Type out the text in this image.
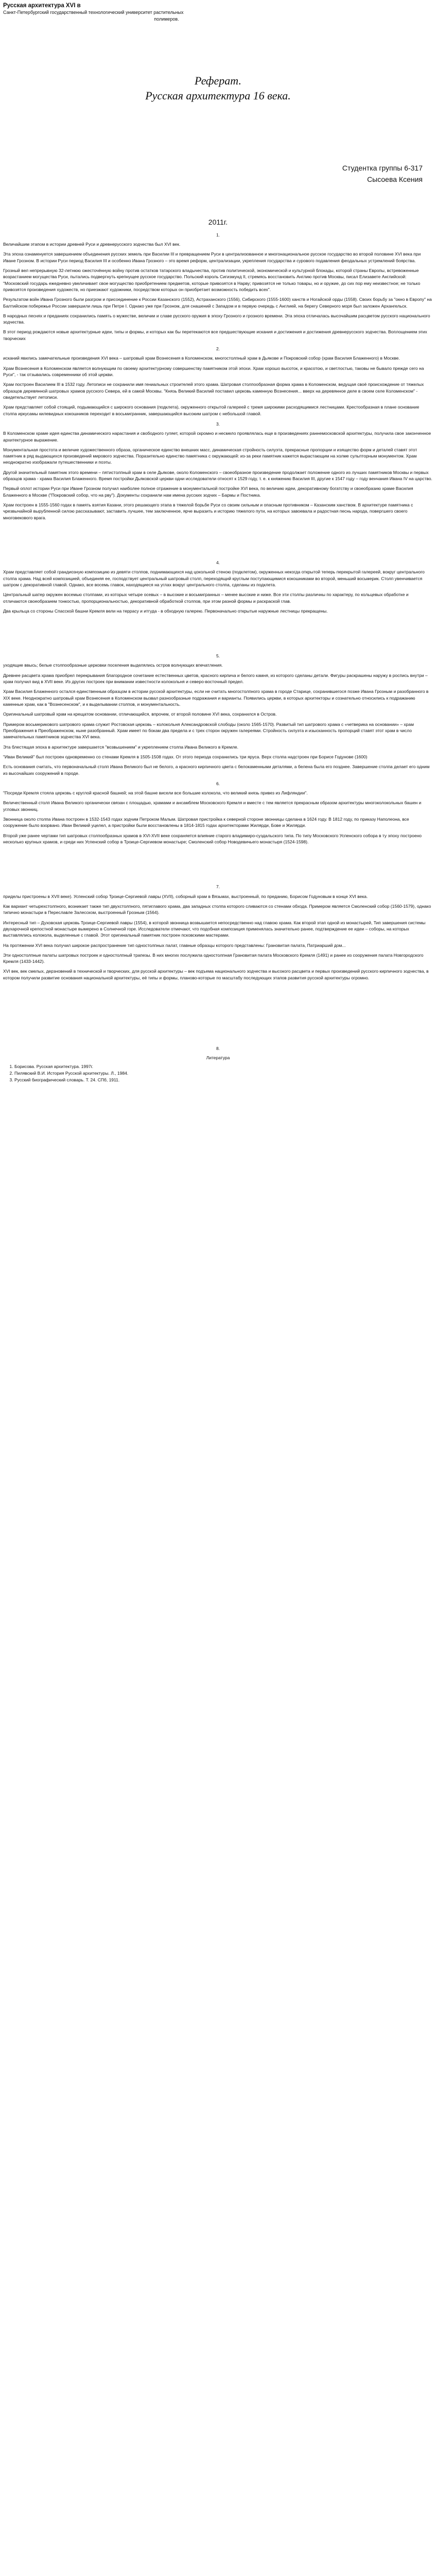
Русская архитектура XVI в
Санкт-Петербургский государственный технологический университет растительных
полимеров.
Реферат.
Русская архитектура 16 века.
Студентка группы 6-317
Сысоева Ксения
2011г.
1.

Величайшим этапом в истории древней Руси и древнерусского зодчества был XVI век.

Эта эпоха ознаменуется завершением объединения русских земель при Василии III и превращением Руси в централизованное и многонациональное русское государство во второй половине XVI века при Иване Грозном. В истории Руси период Василия III и особенно Ивана Грозного – это время реформ, централизации, укрепления государства и сурового подавления феодальных устремлений боярства.

Грозный вел непрерывную 32-летнюю ожесточённую войну против остатков татарского владычества, против политической, экономической и культурной блокады, которой страны Европы, встревоженные возрастанием могущества Руси, пытались подвергнуть крепнущее русское государство. Польский король Сигизмунд II, стремясь восстановить Англию против Москвы, писал Елизавете Английской: "Московский государь ежедневно увеличивает свое могущество приобретением предметов, которые привозятся в Нарву; привозятся не только товары, но и оружие, до сих пор ему неизвестное; не только привозятся произведения художеств, но приезжают художники, посредством которых он приобретает возможность победить всех".

Результатом войн Ивана Грозного были разгром и присоединение к России Казанского (1552), Астраханского (1556), Сибирского (1555-1600) ханств и Ногайской орды (1558). Своих борьбу за "окно в Европу" на Балтийском побережье России завершили лишь при Петре I. Однако уже при Грозном, для снашений с Западом и в первую очередь с Англией, на берегу Северного моря был заложен Архангельск.

В народных песнях и преданиях сохранились память о мужестве, величии и славе русского оружия в эпоху Грозного и грозного времени. Эта эпоха отличалась высочайшим расцветом русского национального зодчества.

В этот период рождаются новые архитектурные идеи, типы и формы, и которых как бы перетекаются все предшествующие искания и достижения и достижения древнерусского зодчества. Воплощением этих творческих

2.

исканий явились замечательные произведения XVI века – шатровый храм Вознесения в Коломенском, многостолпный храм в Дьякове и Покровский собор (храм Василия Блаженного) в Москве.

Храм Вознесения в Коломенском является волнующим по своему архитектурному совершенству памятником этой эпохи. Храм хорошо высоток, и красотою, и светлостью, таковы не бывало прежде сего на Руси", - так отзывались современники об этой церкви.

Храм построен Василием III в 1532 году. Летописи не сохранили имя гениальных строителей этого храма. Шатровая столпообразная форма храма в Коломенском, ведущая своё происхождение от тяжелых образцов деревянной шатровых храмов русского Севера, ей в самой Москвы. "Князь Великий Василий поставил церковь каменную Вознесения... вверх на деревянное деле в своем селе Коломенском" - свидетельствует летописи.

Храм представляет собой стоящий, подымающийся с широкого основания (подклета), окруженного открытой галереей с тремя широкими расходящимися лестницами. Крестообразная в плане основание столпа иркусамы килевидных кокошников переходит в восьмигранник, завершающийся высоким шатром с небольшой главой.

3.

В Коломенском храме идея единства динамического нарастания и свободного гуляет, которой скромно и несмело проявлялась еще в произведениях раннемосковской архитектуры, получила свое законченное архитектурное выражение.

Монументальная простота и величие художественного образа, органическое единство внешних масс, динамическая стройность силуэта, прекрасные пропорции и изящество форм и деталей ставят этот памятник в ряд выдающихся произведений мирового зодчества. Поразительно единство памятника с окружающей: из-за реки памятник кажется вырастающим на холме сульпторным монументом. Храм неоднократно изображали путешественники и поэты.

Другой значительный памятник этого времени – пятистолпный храм в селе Дьякове, около Коломенского – своеобразное произведение продолжает положение одного из лучших памятников Москвы и первых образцов храма - храма Василия Блаженного. Время постройки Дьяковской церкви одни исследователи относят к 1529 году, т. е. к княжению Василия III, другие к 1547 году – году венчания Ивана IV на царство.

Первый оплот истории Руси при Иване Грозном получил наиболее полное отражение в монументальной постройке XVI века, по величию идеи, декоративному богатству и своеобразию храме Василия Блаженного в Москве ("Покровский собор, что на рву"). Документы сохранили нам имена русских зодчих – Бармы и Постника.

Храм построен в 1555-1560 годах в память взятия Казани, этого решающего этапа в тяжелой борьбе Руси со своим сильным и опасным противником – Казанским ханством. В архитектуре памятника с чрезвычайной вырубленной силою рассказывают, заставить лучшее, тем заключенное, ярче выразить и историю тяжелого пути, на которых завоевала и радостная песнь народа, повергшего своего многовекового врага.

4.

Храм представляет собой грандиозную композицию из девяти столпов, поднимающихся над цокольной стеною (подклетом), окруженных некогда открытой теперь перекрытой галереей, вокруг центрального столпа храма. Над всей композицией, объединяя ее, господствует центральный шатровый столп, переходящий круглым поступающимися кокошниками во второй, меньший восьмерик. Столп увенчивается шатром с декоративной главой. Однако, все восемь главок, находящиеся на углах вокруг центрального столпа, сделаны из подклета.

Центральный шатер окружен восемью столпами, из которых четыре осевых – в высокие и восьмигранных – менее высокие и ниже. Все эти столпы различны по характеру, по кольцевых обработке и отличаются своеобразием тонкостью, пропорциональностью, декоративной обработкой столпов, при этом разной формы и раскраской глав.

Два крыльца со стороны Спасской башни Кремля вели на террасу и итгуда - в обходную галерею. Первоначально открытые наружные лестницы прекращены.

5.

уходящие ввысь; белые столпообразные церковки поселения выделялись остров волнующих впечатления.

Древнее расцвета храма приобрел перекрывания благородное сочетание естественных цветов, красного кирпича и белого камня, из которого сделаны детали. Фигуры раскрашены наружу в роспись внутри – храм получил вид в XVII веке. Из других построек при внимании известности колокольня и северо-восточный предел.

Храм Василия Блаженного остался единственным образцом в истории русской архитектуры, если не считать многостолпного храма в городе Старице, сохранившегося позже Ивана Грозным и разобранного в XIX веке. Неоднократно шатровый храм Вознесения в Коломенском вызвал разнообразные подражания и варианты. Появились церкви, в которых архитекторы и сознательно относились к подражанию каменные храм, как в "Вознесенском", и к выделывании столпов, и монументальность.

Оригинальный шатровый храм на крещатом основании, отличающийся, впрочем, от второй половине XVI века, сохранился в Остров.

Примером восьмерикового шатрового храма служит Ростовская церковь – колокольня Александровской слободы (около 1565-1570). Развитый тип шатрового храма с «четверика на основании» – храм Преображения в Преображенском, ныне разобранный. Храм имеет по бокам два предела и с трех сторон окружен галереями. Стройность силуэта и изысканность пропорций ставят этот храм в число замечательных памятников зодчества XVI века.

Эта блестящая эпоха в архитектуре завершается "возвышением" и укреплением столпа Ивана Великого в Кремле.

"Иван Великий" был построен одновременно со стенами Кремля в 1505-1508 годах. От этого периода сохранились три яруса. Верх столпа надстроен при Борисе Годунове (1600)

Есть основания считать, что первоначальный столп Ивана Великого был не белого, а красного кирпичного цвета с белокаменными деталями, а белена была его позднее. Завершение столпа делает его одним из высочайших сооружений в городе.

6.

"Посреди Кремля стояла церковь с круглой красной башней; на этой башне висели все большие колокола, что великий князь привез из Лифляндии".

Величественный столп Ивана Великого органически связан с площадью, храмами и ансамблем Московского Кремля и вместе с тем является прекрасным образом архитектуры многоколокольных башен и угловых звонниц.

Звонница около столпа Ивана построен в 1532-1543 годах зодчим Петроком Малым. Шатровая пристройка к северной стороне звонницы сделана в 1624 году. В 1812 году, по приказу Наполеона, все сооружение было взорвано. Иван Великий уцелел, а пристройки были восстановлены в 1814-1815 годах архитекторами Жилярди, Бове и Жилярди.

Второй уже ранее чертами тип шатровых столпообразных храмов в XVI-XVII веке сохраняется влияние старого владимиро-суздальского типа. По типу Московского Успенского собора в ту эпоху построено несколько крупных храмов, и среди них Успенский собор в Троице-Сергиевом монастыре; Смоленский собор Новодевичьего монастыря (1524-1598).

7.

приделы пристроены в XVII веке). Успенский собор Троице-Сергиевой лавры (XVII), соборный храм в Вязьмах, выстроенный, по преданию, Борисом Годуновым в конце XVI века.

Как вариант четырехстолпного, возникает также тип двухстолпного, пятиглавого храма, два западных столпа которого сливаются со стенами обхода. Примером является Смоленский собор (1560-1579), однако типично монастыри в Переславле Залесском, выстроенный Грозным (1564).

Интересный тип – Духовская церковь Троице-Сергиевой лавры (1554), в которой звонница возвышается непосредственно над главою храма. Как второй этап одной из монастырей, Тип завершения системы двухарочной крепостной монастыре вымерено в Солнечной горе. Исследователи отмечают, что подобная композиция применялась значительно ранее, подтверждение ее идеи – соборы, на которых выставлялись колокола, выделенные с главой. Этот оригинальный памятник построен псковскими мастерами.

На протяжении XVI века получил широкое распространение тип одностолпных палат, главные образцы которого представлены: Грановитая палата, Патриарший дом...

Эти одностолпные палаты шатровых построек и одностолпный трапезы. В них многих послужила одностолпная Грановитая палата Московского Кремля (1491) и ранее из сооружения палата Новгородского Кремля (1433-1442).

XVI век, век смелых, дерзновений в технической и творческих, для русской архитектуры – век подъема национального зодчества и высокого расцвета и первых произведений русского кирпичного зодчества, в котором получили развитие основания национальной архитектуры, её типы и формы, планово-которые по масштабу последующих этапов развития русской архитектуры огромно.

8.
Литература
1. Борисова. Русская архитектура. 1997г.
2. Пилявский В.И. История Русской архитектуры. Л., 1984.
3. Русский биографический словарь. Т. 24. СПб, 1911.
